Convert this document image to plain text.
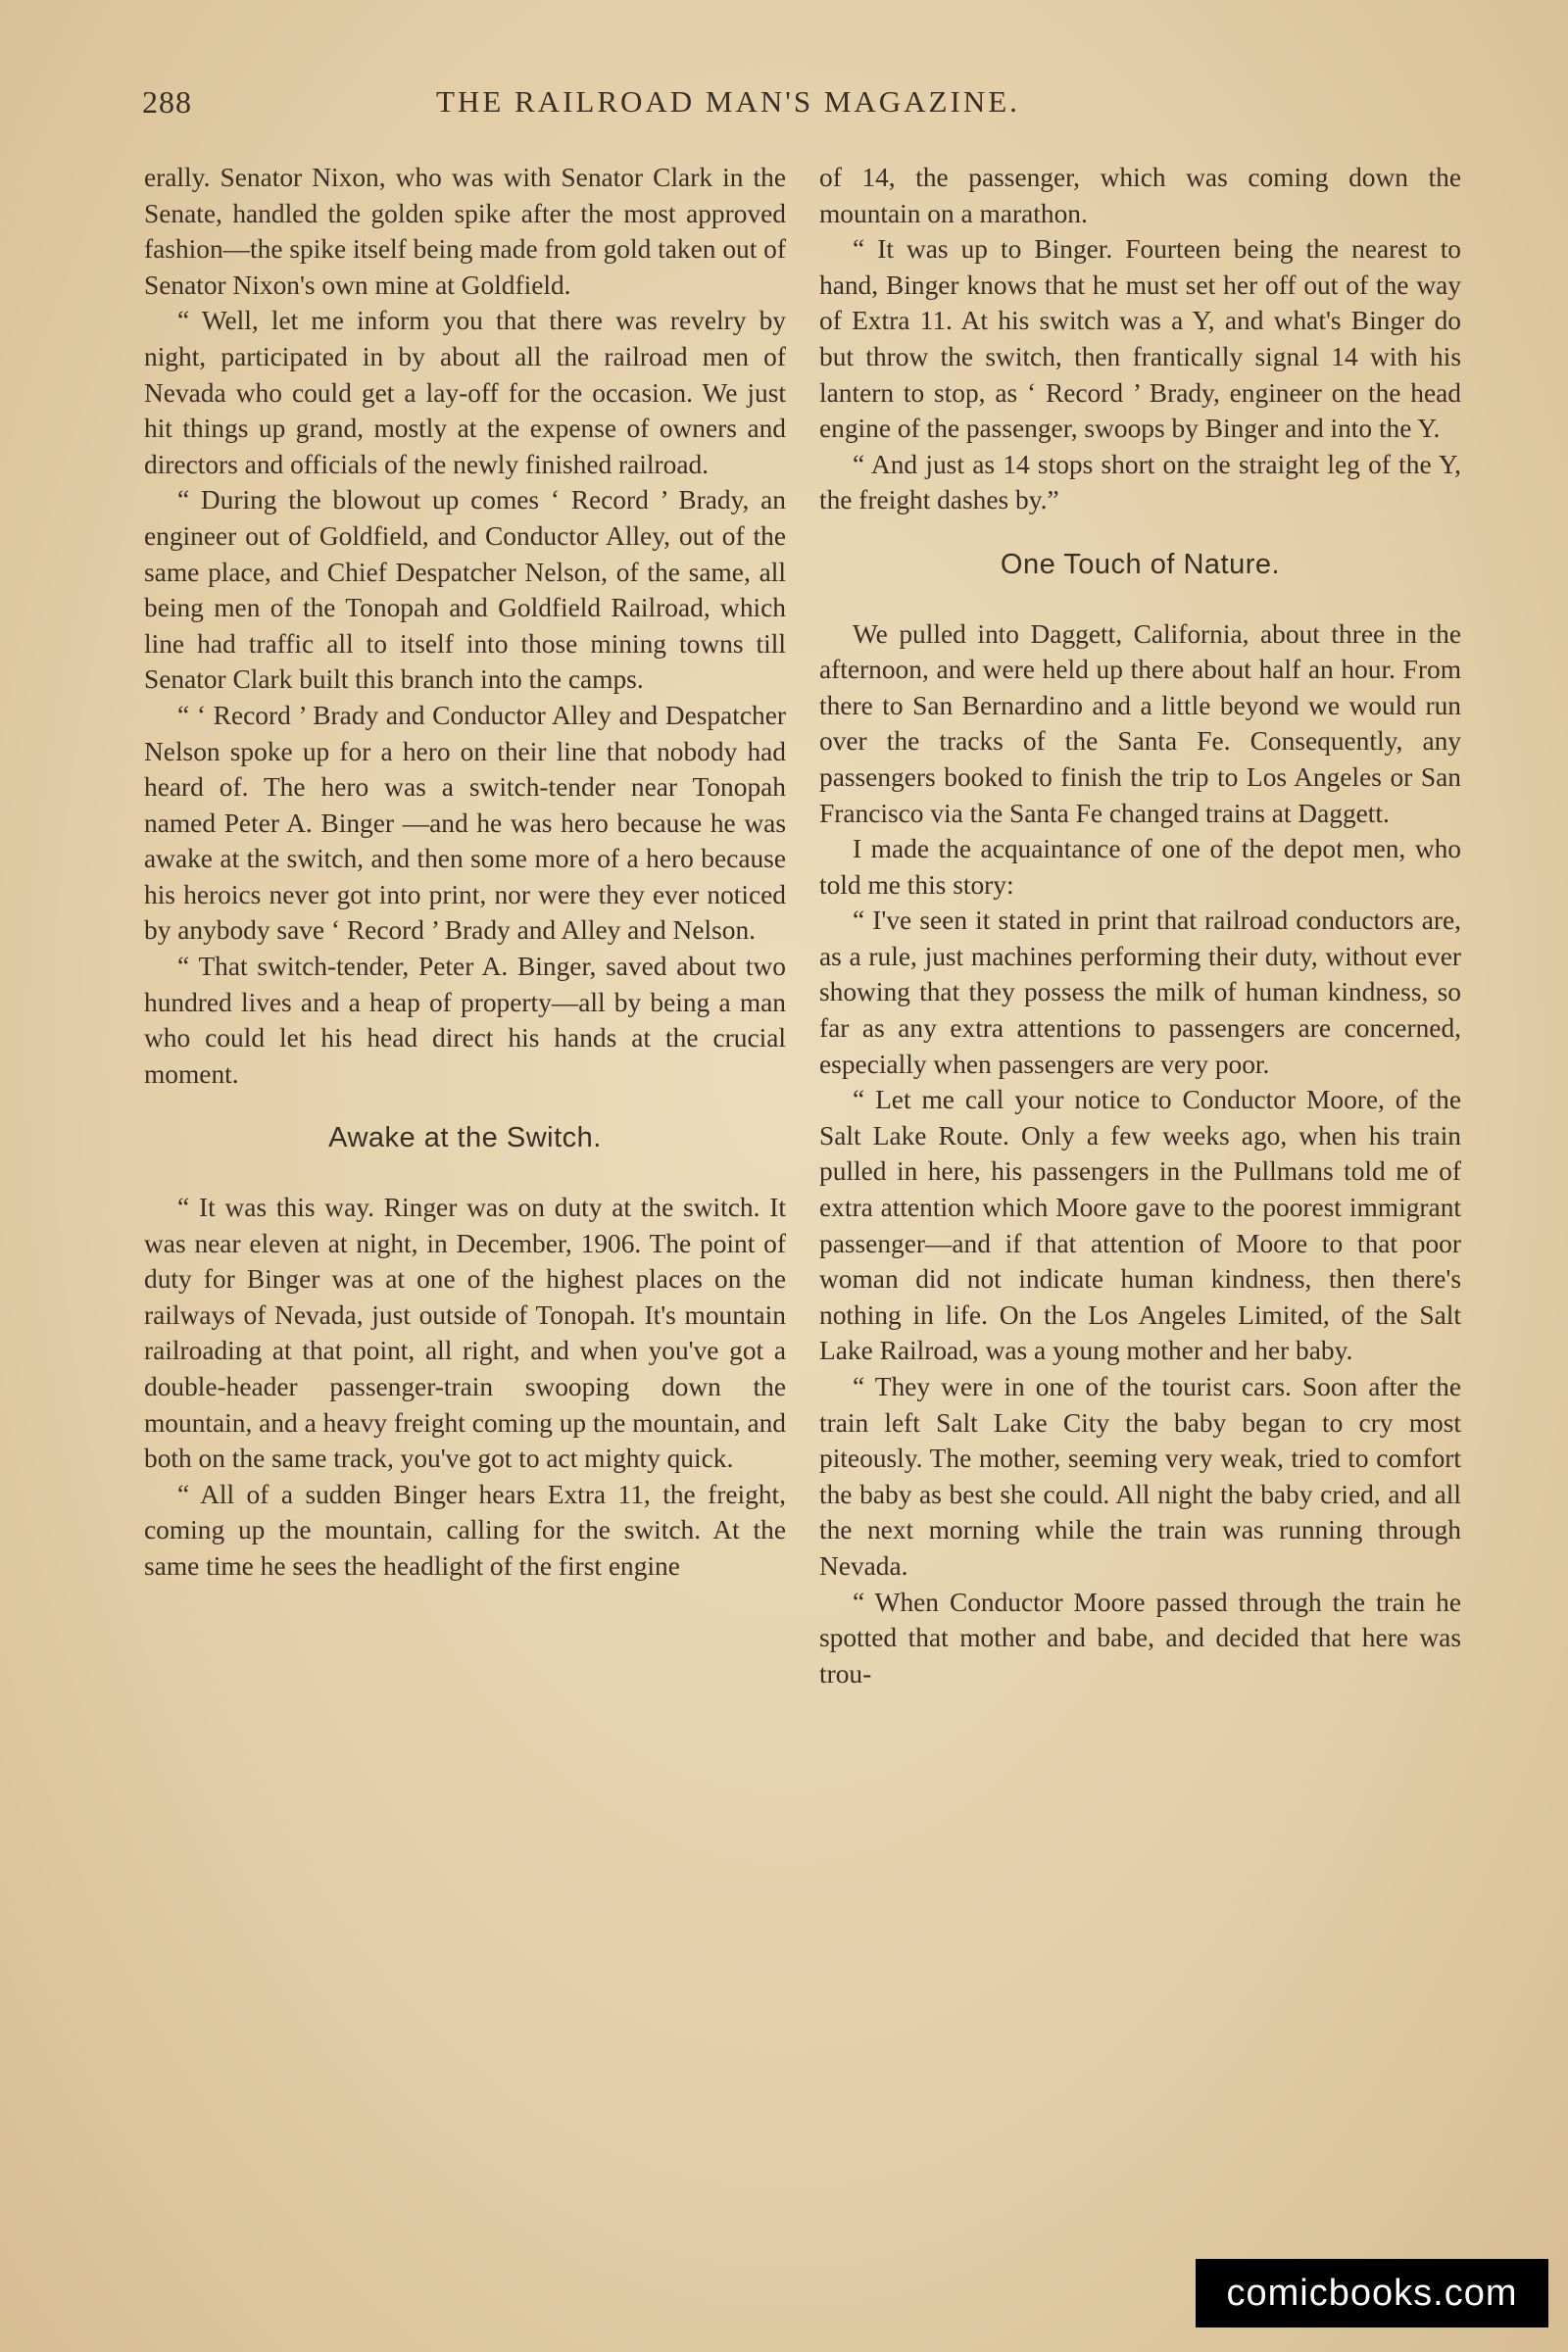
288	THE RAILROAD MAN'S MAGAZINE.

erally. Senator Nixon, who was with Senator Clark in the Senate, handled the golden spike after the most approved fashion—the spike itself being made from gold taken out of Senator Nixon's own mine at Goldfield.

“ Well, let me inform you that there was revelry by night, participated in by about all the railroad men of Nevada who could get a lay-off for the occasion. We just hit things up grand, mostly at the expense of owners and directors and officials of the newly finished railroad.

“ During the blowout up comes ‘ Record ’ Brady, an engineer out of Goldfield, and Conductor Alley, out of the same place, and Chief Despatcher Nelson, of the same, all being men of the Tonopah and Goldfield Railroad, which line had traffic all to itself into those mining towns till Senator Clark built this branch into the camps.

“ ‘ Record ’ Brady and Conductor Alley and Despatcher Nelson spoke up for a hero on their line that nobody had heard of. The hero was a switch-tender near Tonopah named Peter A. Binger —and he was hero because he was awake at the switch, and then some more of a hero because his heroics never got into print, nor were they ever noticed by anybody save ‘ Record ’ Brady and Alley and Nelson.

“ That switch-tender, Peter A. Binger, saved about two hundred lives and a heap of property—all by being a man who could let his head direct his hands at the crucial moment.

Awake at the Switch.

“ It was this way. Ringer was on duty at the switch. It was near eleven at night, in December, 1906. The point of duty for Binger was at one of the highest places on the railways of Nevada, just outside of Tonopah. It's mountain railroading at that point, all right, and when you've got a double-header passenger-train swooping down the mountain, and a heavy freight coming up the mountain, and both on the same track, you've got to act mighty quick.

“ All of a sudden Binger hears Extra 11, the freight, coming up the mountain, calling for the switch. At the same time he sees the headlight of the first engine

of 14, the passenger, which was coming down the mountain on a marathon.

“ It was up to Binger. Fourteen being the nearest to hand, Binger knows that he must set her off out of the way of Extra 11. At his switch was a Y, and what's Binger do but throw the switch, then frantically signal 14 with his lantern to stop, as ‘ Record ’ Brady, engineer on the head engine of the passenger, swoops by Binger and into the Y.

“ And just as 14 stops short on the straight leg of the Y, the freight dashes by.”

One Touch of Nature.

We pulled into Daggett, California, about three in the afternoon, and were held up there about half an hour. From there to San Bernardino and a little beyond we would run over the tracks of the Santa Fe. Consequently, any passengers booked to finish the trip to Los Angeles or San Francisco via the Santa Fe changed trains at Daggett.

I made the acquaintance of one of the depot men, who told me this story:

“ I've seen it stated in print that railroad conductors are, as a rule, just machines performing their duty, without ever showing that they possess the milk of human kindness, so far as any extra attentions to passengers are concerned, especially when passengers are very poor.

“ Let me call your notice to Conductor Moore, of the Salt Lake Route. Only a few weeks ago, when his train pulled in here, his passengers in the Pullmans told me of extra attention which Moore gave to the poorest immigrant passenger—and if that attention of Moore to that poor woman did not indicate human kindness, then there's nothing in life. On the Los Angeles Limited, of the Salt Lake Railroad, was a young mother and her baby.

“ They were in one of the tourist cars. Soon after the train left Salt Lake City the baby began to cry most piteously. The mother, seeming very weak, tried to comfort the baby as best she could. All night the baby cried, and all the next morning while the train was running through Nevada.

“ When Conductor Moore passed through the train he spotted that mother and babe, and decided that here was trou-

comicbooks.com
